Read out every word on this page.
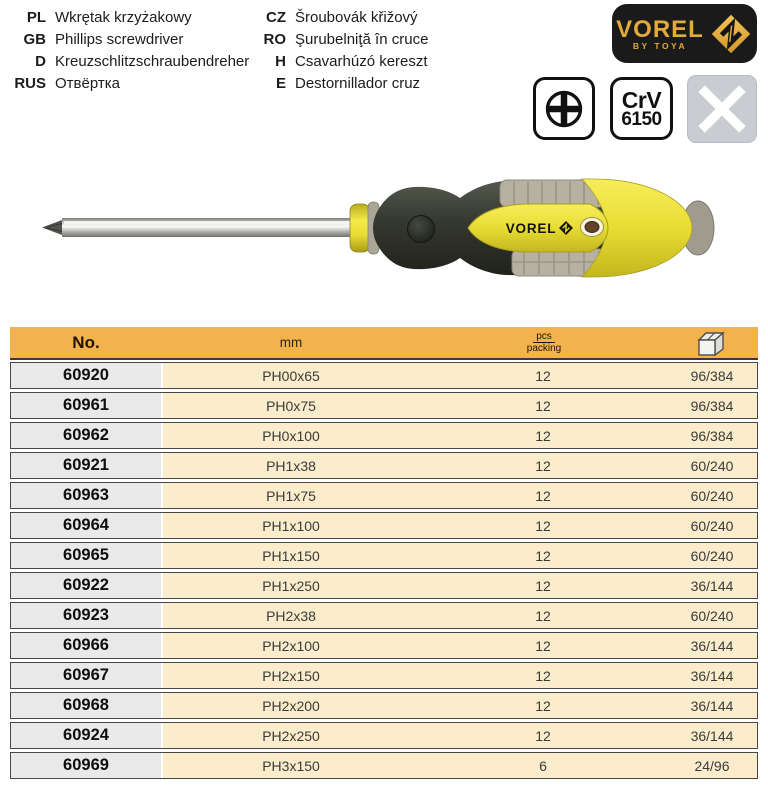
PL Wkrętak krzyżakowy
GB Phillips screwdriver
D Kreuzschlitzschraubendreher
RUS Отвёртка
CZ Šroubovák křižový
RO Şurubelniţă în cruce
H Csavarhúzó kereszt
E Destornillador cruz
VOREL
BY TOYA
CrV
6150
VOREL
No.	mm	pcs
packing
60920	PH00x65	12	96/384
60961	PH0x75	12	96/384
60962	PH0x100	12	96/384
60921	PH1x38	12	60/240
60963	PH1x75	12	60/240
60964	PH1x100	12	60/240
60965	PH1x150	12	60/240
60922	PH1x250	12	36/144
60923	PH2x38	12	60/240
60966	PH2x100	12	36/144
60967	PH2x150	12	36/144
60968	PH2x200	12	36/144
60924	PH2x250	12	36/144
60969	PH3x150	6	24/96
